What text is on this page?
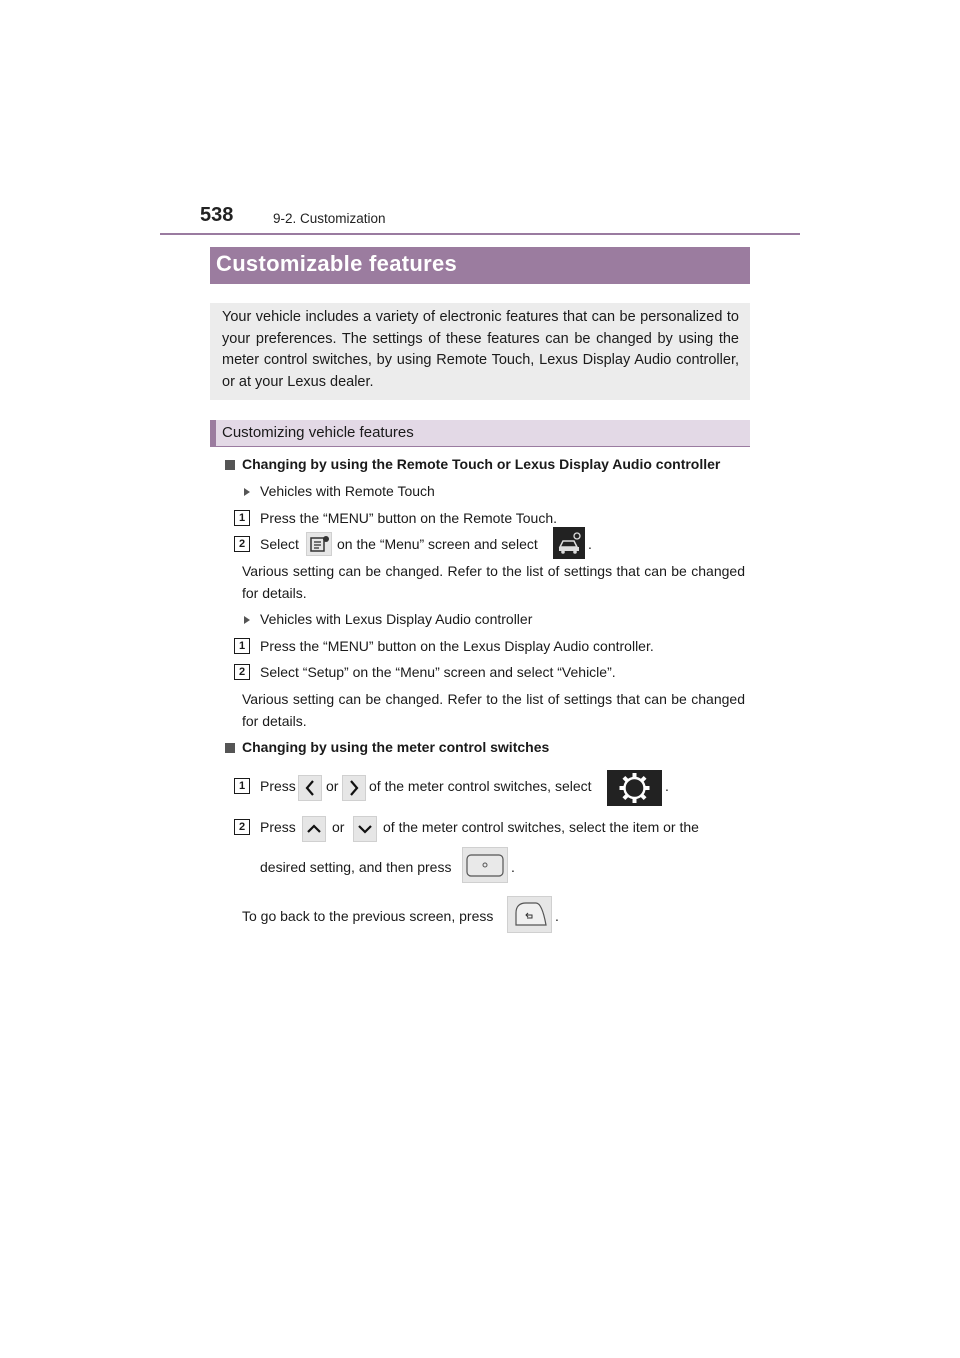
538	9-2. Customization
Customizable features
Your vehicle includes a variety of electronic features that can be personalized to your preferences. The settings of these features can be changed by using the meter control switches, by using Remote Touch, Lexus Display Audio controller, or at your Lexus dealer.
Customizing vehicle features
Changing by using the Remote Touch or Lexus Display Audio controller
Vehicles with Remote Touch
1	Press the “MENU” button on the Remote Touch.
2	Select	on the “Menu” screen and select	.
Various setting can be changed. Refer to the list of settings that can be changed for details.
Vehicles with Lexus Display Audio controller
1	Press the “MENU” button on the Lexus Display Audio controller.
2	Select “Setup” on the “Menu” screen and select “Vehicle”.
Various setting can be changed. Refer to the list of settings that can be changed for details.
Changing by using the meter control switches
1	Press or of the meter control switches, select	.
2	Press	or	of the meter control switches, select the item or the
desired setting, and then press	.
To go back to the previous screen, press	.
